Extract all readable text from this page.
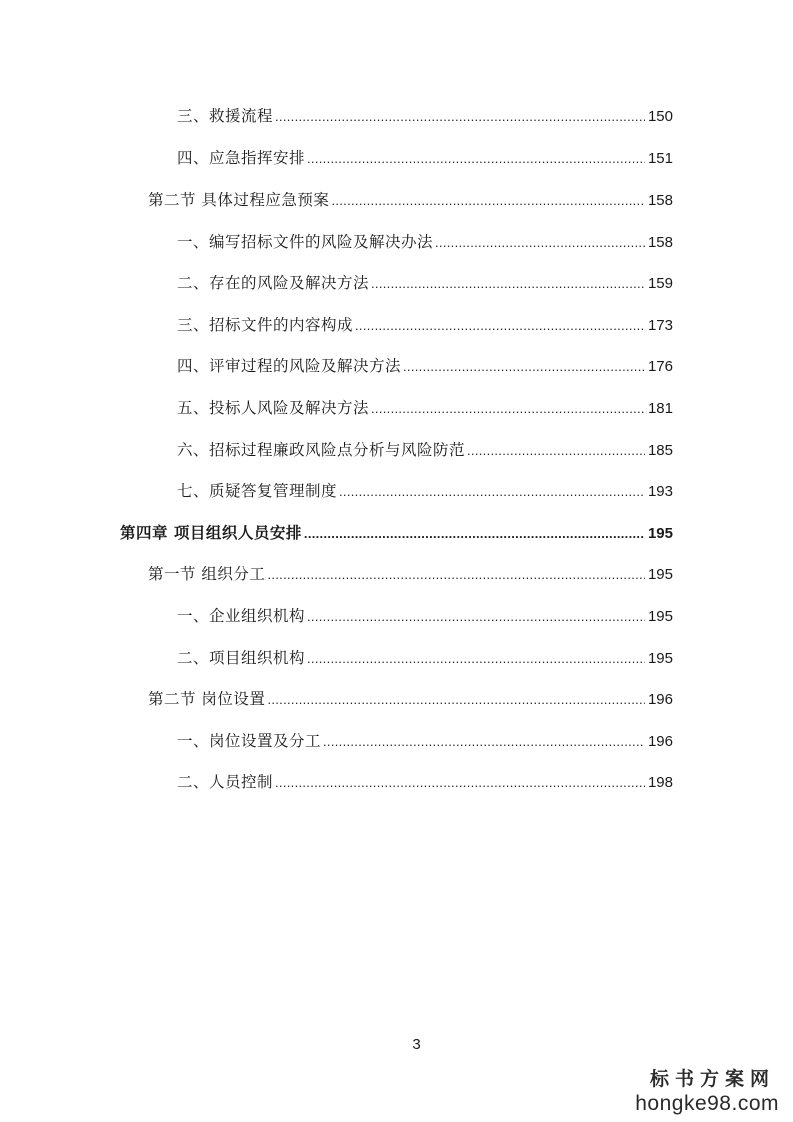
三、救援流程 .....	150
四、应急指挥安排 .....	151
第二节 具体过程应急预案 .....	158
一、编写招标文件的风险及解决办法 .....	158
二、存在的风险及解决方法 .....	159
三、招标文件的内容构成 .....	173
四、评审过程的风险及解决方法 .....	176
五、投标人风险及解决方法 .....	181
六、招标过程廉政风险点分析与风险防范 .....	185
七、质疑答复管理制度 .....	193
第四章 项目组织人员安排 .....	195
第一节 组织分工 .....	195
一、企业组织机构 .....	195
二、项目组织机构 .....	195
第二节 岗位设置 .....	196
一、岗位设置及分工 .....	196
二、人员控制 .....	198
3
标书方案网
hongke98.com
